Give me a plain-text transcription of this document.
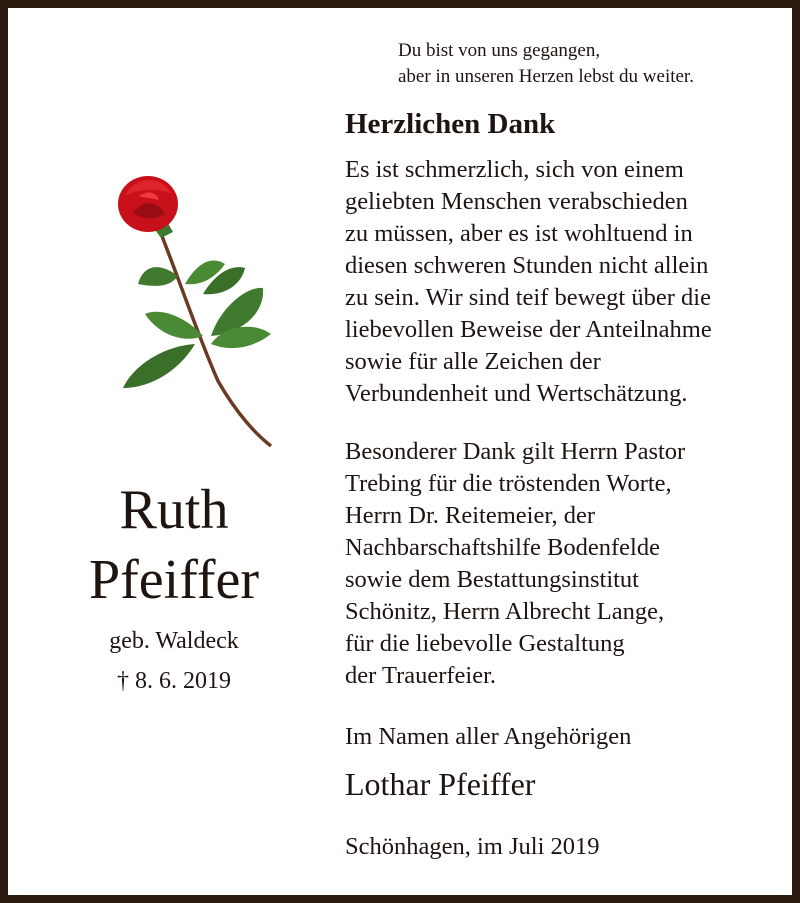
Du bist von uns gegangen,
aber in unseren Herzen lebst du weiter.
Ruth
Pfeiffer
geb. Waldeck
† 8. 6. 2019
Herzlichen Dank
Es ist schmerzlich, sich von einem
geliebten Menschen verabschieden
zu müssen, aber es ist wohltuend in
diesen schweren Stunden nicht allein
zu sein. Wir sind teif bewegt über die
liebevollen Beweise der Anteilnahme
sowie für alle Zeichen der
Verbundenheit und Wertschätzung.
Besonderer Dank gilt Herrn Pastor
Trebing für die tröstenden Worte,
Herrn Dr. Reitemeier, der
Nachbarschaftshilfe Bodenfelde
sowie dem Bestattungsinstitut
Schönitz, Herrn Albrecht Lange,
für die liebevolle Gestaltung
der Trauerfeier.
Im Namen aller Angehörigen
Lothar Pfeiffer
Schönhagen, im Juli 2019
